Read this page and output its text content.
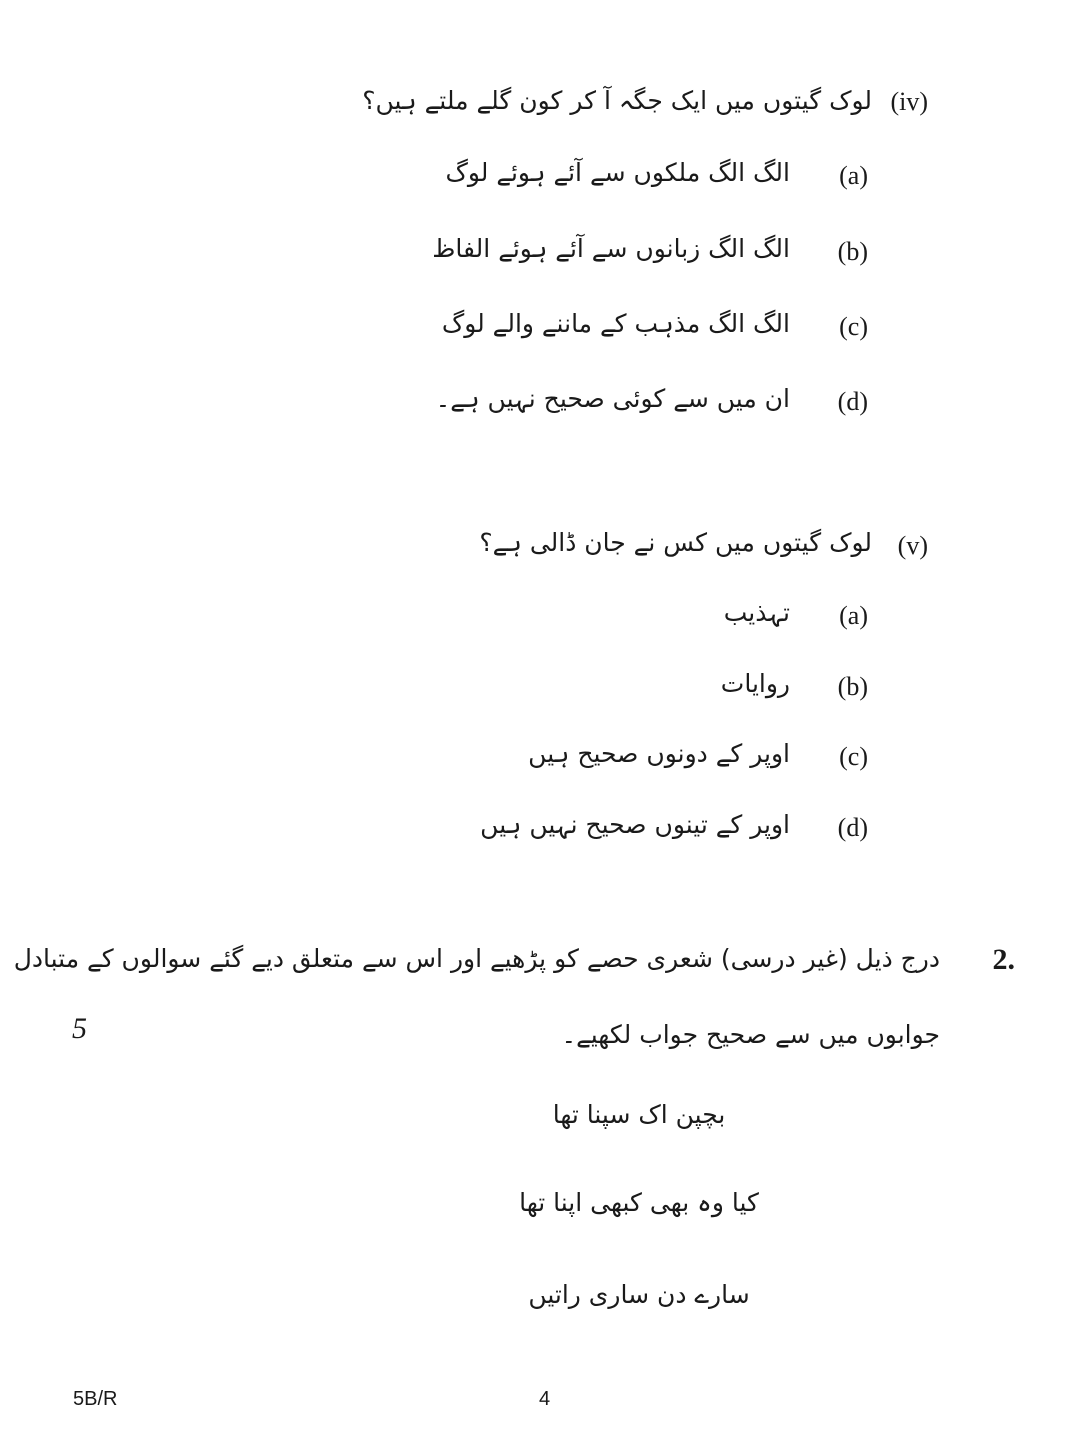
(iv)
لوک گیتوں میں ایک جگہ آ کر کون گلے ملتے ہیں؟
(a)
الگ الگ ملکوں سے آئے ہوئے لوگ
(b)
الگ الگ زبانوں سے آئے ہوئے الفاظ
(c)
الگ الگ مذہب کے ماننے والے لوگ
(d)
ان میں سے کوئی صحیح نہیں ہے۔
(v)
لوک گیتوں میں کس نے جان ڈالی ہے؟
(a)
تہذیب
(b)
روایات
(c)
اوپر کے دونوں صحیح ہیں
(d)
اوپر کے تینوں صحیح نہیں ہیں
2.
درج ذیل (غیر درسی) شعری حصے کو پڑھیے اور اس سے متعلق دیے گئے سوالوں کے متبادل
جوابوں میں سے صحیح جواب لکھیے۔
5
بچپن اک سپنا تھا
کیا وہ بھی کبھی اپنا تھا
سارے دن ساری راتیں
5B/R	4
